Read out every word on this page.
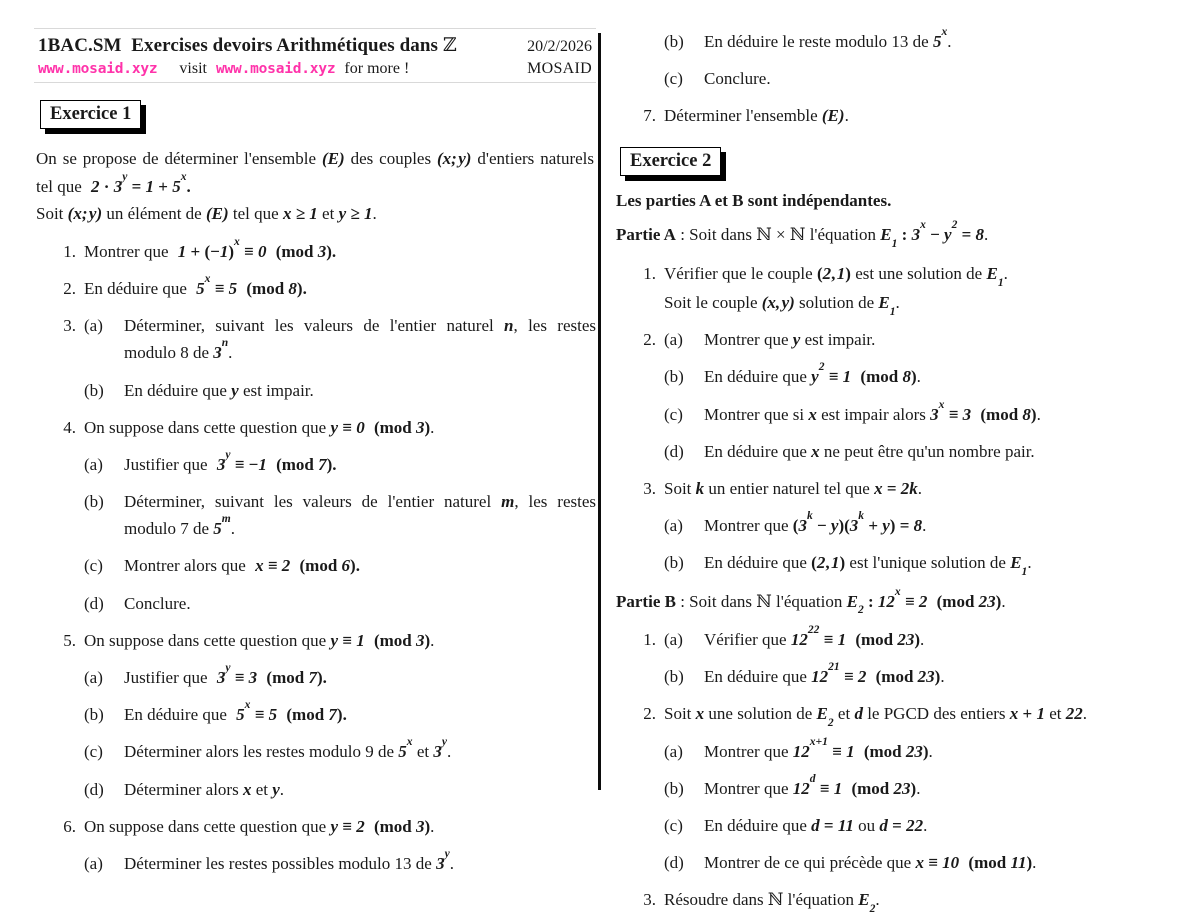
1BAC.SM Exercises devoirs Arithmétiques dans ℤ	20/2/2026
www.mosaid.xyz visit www.mosaid.xyz for more !	MOSAID
Exercice 1
On se propose de déterminer l'ensemble (E) des couples (x; y) d'entiers naturels tel que $2 \cdot 3^y = 1 + 5^x$.
Soit (x; y) un élément de (E) tel que x ≥ 1 et y ≥ 1.
1. Montrer que $1 + (-1)^x \equiv 0$ (mod 3).
2. En déduire que $5^x \equiv 5$ (mod 8).
3. (a)	Déterminer, suivant les valeurs de l'entier naturel n, les restes modulo 8 de 3$^n$.
(b)	En déduire que y est impair.
4. On suppose dans cette question que y ≡ 0 (mod 3).
(a)	Justifier que $3^y \equiv -1$ (mod 7).
(b)	Déterminer, suivant les valeurs de l'entier naturel m, les restes modulo 7 de 5$^m$.
(c)	Montrer alors que x ≡ 2 (mod 6).
(d)	Conclure.
5. On suppose dans cette question que y ≡ 1 (mod 3).
(a)	Justifier que $3^y \equiv 3$ (mod 7).
(b)	En déduire que $5^x \equiv 5$ (mod 7).
(c)	Déterminer alors les restes modulo 9 de 5$^x$ et 3$^y$.
(d)	Déterminer alors x et y.
6. On suppose dans cette question que y ≡ 2 (mod 3).
(a)	Déterminer les restes possibles modulo 13 de 3$^y$.
(b)	En déduire le reste modulo 13 de 5$^x$.
(c)	Conclure.
7. Déterminer l'ensemble (E).
Exercice 2
Les parties A et B sont indépendantes.
Partie A : Soit dans ℕ × ℕ l'équation $E_1$ : $3^x - y^2 = 8$.
1. Vérifier que le couple (2, 1) est une solution de $E_1$.
Soit le couple (x, y) solution de $E_1$.
2. (a)	Montrer que y est impair.
(b)	En déduire que $y^2 \equiv 1$ (mod 8).
(c)	Montrer que si x est impair alors $3^x \equiv 3$ (mod 8).
(d)	En déduire que x ne peut être qu'un nombre pair.
3. Soit k un entier naturel tel que x = 2k.
(a)	Montrer que $(3^k - y)(3^k + y) = 8$.
(b)	En déduire que (2, 1) est l'unique solution de $E_1$.
Partie B : Soit dans ℕ l'équation $E_2$ : $12^x \equiv 2$ (mod 23).
1. (a)	Vérifier que $12^{22} \equiv 1$ (mod 23).
(b)	En déduire que $12^{21} \equiv 2$ (mod 23).
2. Soit x une solution de $E_2$ et d le PGCD des entiers x + 1 et 22.
(a)	Montrer que $12^{x+1} \equiv 1$ (mod 23).
(b)	Montrer que $12^d \equiv 1$ (mod 23).
(c)	En déduire que d = 11 ou d = 22.
(d)	Montrer de ce qui précède que x ≡ 10 (mod 11).
3. Résoudre dans ℕ l'équation $E_2$.
